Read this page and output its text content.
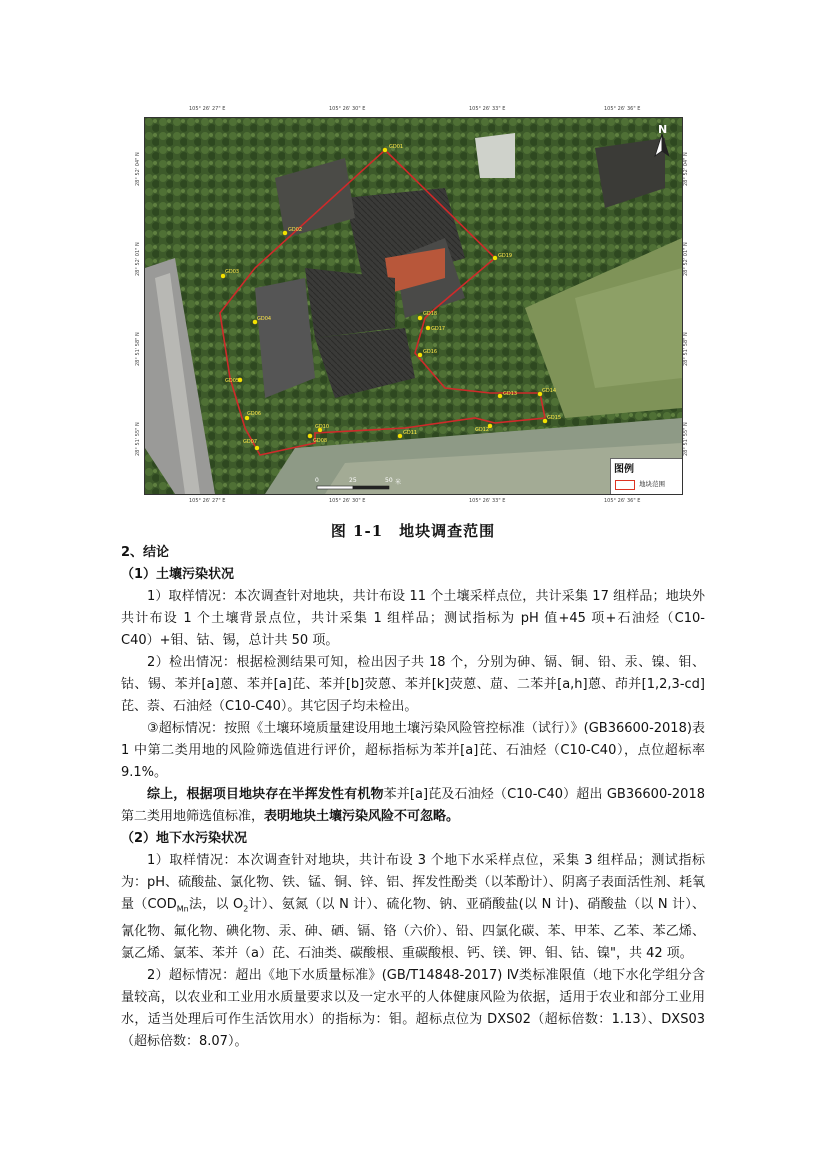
105° 26' 27" E	105° 26' 30" E	105° 26' 33" E	105° 26' 36" E
105° 26' 27" E	105° 26' 30" E	105° 26' 33" E	105° 26' 36" E
28° 52' 04" N
28° 52' 01" N
28° 51' 58" N
28° 51' 55" N
28° 52' 04" N
28° 52' 01" N
28° 51' 58" N
28° 51' 55" N
GD01
GD02
GD03
GD04
GD05
GD06
GD07	GD08
GD10
GD11	GD12
GD13	GD14
GD15
GD16
GD17
GD18
GD19
N
0	25	50 米
图例
地块范围
图 1-1　地块调查范围

2、结论

（1）土壤污染状况

1）取样情况：本次调查针对地块，共计布设 11 个土壤采样点位，共计采集 17 组样品；地块外共计布设 1 个土壤背景点位，共计采集 1 组样品；测试指标为 pH 值+45 项+石油烃（C10-C40）+钼、钴、锡，总计共 50 项。

2）检出情况：根据检测结果可知，检出因子共 18 个，分别为砷、镉、铜、铅、汞、镍、钼、钴、锡、苯并[a]蒽、苯并[a]芘、苯并[b]荧蒽、苯并[k]荧蒽、䓛、二苯并[a,h]蒽、茚并[1,2,3-cd]芘、萘、石油烃（C10-C40）。其它因子均未检出。

③超标情况：按照《土壤环境质量建设用地土壤污染风险管控标准（试行）》(GB36600-2018)表 1 中第二类用地的风险筛选值进行评价，超标指标为苯并[a]芘、石油烃（C10-C40），点位超标率 9.1%。

综上，根据项目地块存在半挥发性有机物苯并[a]芘及石油烃（C10-C40）超出 GB36600-2018 第二类用地筛选值标准，表明地块土壤污染风险不可忽略。

（2）地下水污染状况

1）取样情况：本次调查针对地块，共计布设 3 个地下水采样点位，采集 3 组样品；测试指标为：pH、硫酸盐、氯化物、铁、锰、铜、锌、铝、挥发性酚类（以苯酚计）、阴离子表面活性剂、耗氧量（$COD_{Mn}$法，以 $O_2$计）、氨氮（以 N 计）、硫化物、钠、亚硝酸盐(以 N 计)、硝酸盐（以 N 计）、氰化物、氟化物、碘化物、汞、砷、硒、镉、铬（六价）、铅、四氯化碳、苯、甲苯、乙苯、苯乙烯、氯乙烯、氯苯、苯并（a）芘、石油类、碳酸根、重碳酸根、钙、镁、钾、钼、钴、镍"，共 42 项。

2）超标情况：超出《地下水质量标准》(GB/T14848-2017) Ⅳ类标准限值（地下水化学组分含量较高，以农业和工业用水质量要求以及一定水平的人体健康风险为依据，适用于农业和部分工业用水，适当处理后可作生活饮用水）的指标为：钼。超标点位为 DXS02（超标倍数：1.13）、DXS03（超标倍数：8.07）。
